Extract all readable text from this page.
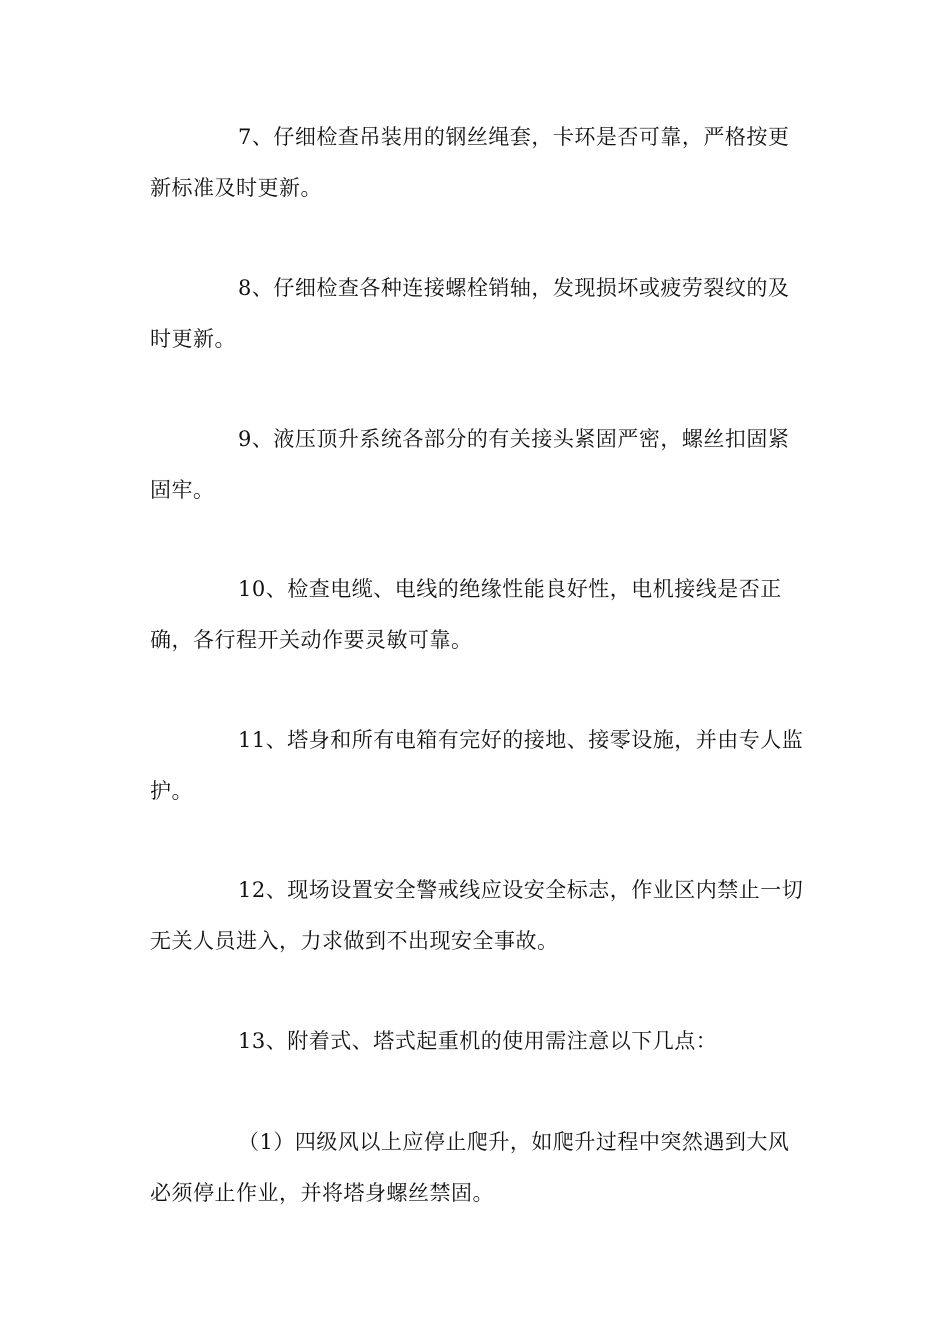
7、仔细检查吊装用的钢丝绳套，卡环是否可靠，严格按更新标准及时更新。

8、仔细检查各种连接螺栓销轴，发现损坏或疲劳裂纹的及时更新。

9、液压顶升系统各部分的有关接头紧固严密，螺丝扣固紧固牢。

10、检查电缆、电线的绝缘性能良好性，电机接线是否正确，各行程开关动作要灵敏可靠。

11、塔身和所有电箱有完好的接地、接零设施，并由专人监护。

12、现场设置安全警戒线应设安全标志，作业区内禁止一切无关人员进入，力求做到不出现安全事故。

13、附着式、塔式起重机的使用需注意以下几点：

（1）四级风以上应停止爬升，如爬升过程中突然遇到大风必须停止作业，并将塔身螺丝禁固。
